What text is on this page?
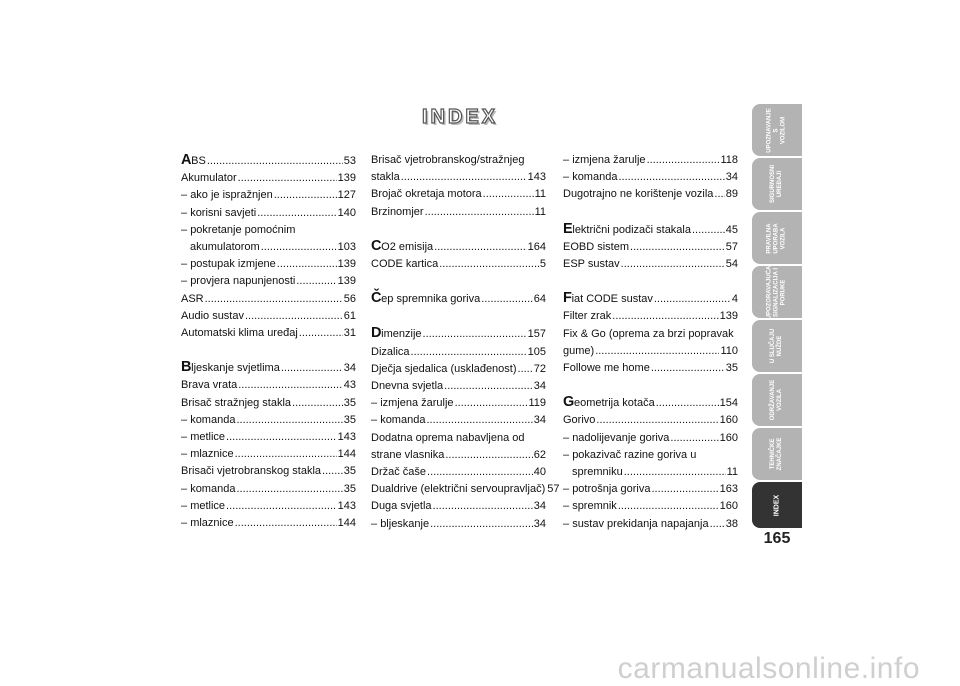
INDEX
ABS .....	53
Akumulator .....	139
– ako je ispražnjen .....	127
– korisni savjeti .....	140
– pokretanje pomoćnim
akumulatorom .....	103
– postupak izmjene .....	139
– provjera napunjenosti .....	139
ASR .....	56
Audio sustav .....	61
Automatski klima uređaj .....	31
Bljeskanje svjetlima .....	34
Brava vrata .....	43
Brisač stražnjeg stakla .....	35
– komanda .....	35
– metlice .....	143
– mlaznice .....	144
Brisači vjetrobranskog stakla ..... 35
– komanda .....	35
– metlice .....	143
– mlaznice .....	144
Brisač vjetrobranskog/stražnjeg
stakla .....	143
Brojač okretaja motora .....	11
Brzinomjer .....	11
CO2 emisija .....	164
CODE kartica .....	5
Čep spremnika goriva .....	64
Dimenzije .....	157
Dizalica .....	105
Dječja sjedalica (usklađenost) ..... 72
Dnevna svjetla .....	34
– izmjena žarulje .....	119
– komanda .....	34
Dodatna oprema nabavljena od
strane vlasnika .....	62
Držač čaše .....	40
Dualdrive (električni servoupravljač) 57
Duga svjetla .....	34
– bljeskanje .....	34
– izmjena žarulje .....	118
– komanda .....	34
Dugotrajno ne korištenje vozila ..... 89
Električni podizači stakala .....	45
EOBD sistem .....	57
ESP sustav .....	54
Fiat CODE sustav .....	4
Filter zrak .....	139
Fix & Go (oprema za brzi popravak
gume) .....	110
Followe me home .....	35
Geometrija kotača .....	154
Gorivo .....	160
– nadolijevanje goriva .....	160
– pokazivač razine goriva u
spremniku .....	11
– potrošnja goriva .....	163
– spremnik .....	160
– sustav prekidanja napajanja ..... 38
UPOZNAVANJE
S
VOZILOM
SIGURNOSNI
UREĐAJI
PRAVILNA
UPORABA
VOZILA
UPOZORAVAJUĆA
SIGNALIZACIJA I
PORUKE
U SLUČAJU
NUŽDE
ODRŽAVANJE
VOZILA
TEHNIČKE
ZNAČAJKE
INDEX
165
carmanualsonline.info
